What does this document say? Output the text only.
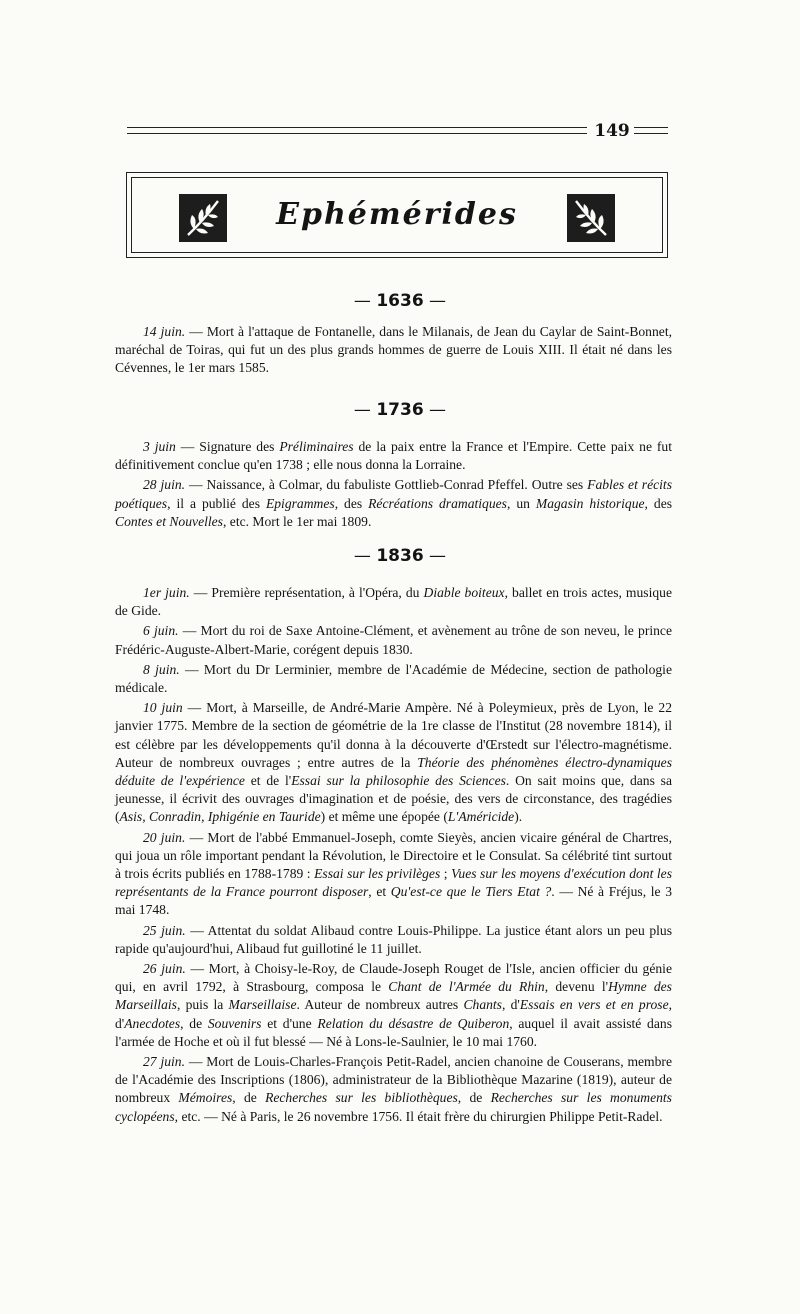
149
Ephémérides
— 1636 —

14 juin. — Mort à l'attaque de Fontanelle, dans le Milanais, de Jean du Caylar de Saint-Bonnet, maréchal de Toiras, qui fut un des plus grands hommes de guerre de Louis XIII. Il était né dans les Cévennes, le 1er mars 1585.

— 1736 —

3 juin — Signature des Préliminaires de la paix entre la France et l'Empire. Cette paix ne fut définitivement conclue qu'en 1738 ; elle nous donna la Lorraine.

28 juin. — Naissance, à Colmar, du fabuliste Gottlieb-Conrad Pfeffel. Outre ses Fables et récits poétiques, il a publié des Epigrammes, des Récréations dramatiques, un Magasin historique, des Contes et Nouvelles, etc. Mort le 1er mai 1809.

— 1836 —

1er juin. — Première représentation, à l'Opéra, du Diable boiteux, ballet en trois actes, musique de Gide.

6 juin. — Mort du roi de Saxe Antoine-Clément, et avènement au trône de son neveu, le prince Frédéric-Auguste-Albert-Marie, corégent depuis 1830.

8 juin. — Mort du Dr Lerminier, membre de l'Académie de Médecine, section de pathologie médicale.

10 juin — Mort, à Marseille, de André-Marie Ampère. Né à Poleymieux, près de Lyon, le 22 janvier 1775. Membre de la section de géométrie de la 1re classe de l'Institut (28 novembre 1814), il est célèbre par les développements qu'il donna à la découverte d'Œrstedt sur l'électro-magnétisme. Auteur de nombreux ouvrages ; entre autres de la Théorie des phénomènes électro-dynamiques déduite de l'expérience et de l'Essai sur la philosophie des Sciences. On sait moins que, dans sa jeunesse, il écrivit des ouvrages d'imagination et de poésie, des vers de circonstance, des tragédies (Asis, Conradin, Iphigénie en Tauride) et même une épopée (L'Américide).

20 juin. — Mort de l'abbé Emmanuel-Joseph, comte Sieyès, ancien vicaire général de Chartres, qui joua un rôle important pendant la Révolution, le Directoire et le Consulat. Sa célébrité tint surtout à trois écrits publiés en 1788-1789 : Essai sur les privilèges ; Vues sur les moyens d'exécution dont les représentants de la France pourront disposer, et Qu'est-ce que le Tiers Etat ?. — Né à Fréjus, le 3 mai 1748.

25 juin. — Attentat du soldat Alibaud contre Louis-Philippe. La justice étant alors un peu plus rapide qu'aujourd'hui, Alibaud fut guillotiné le 11 juillet.

26 juin. — Mort, à Choisy-le-Roy, de Claude-Joseph Rouget de l'Isle, ancien officier du génie qui, en avril 1792, à Strasbourg, composa le Chant de l'Armée du Rhin, devenu l'Hymne des Marseillais, puis la Marseillaise. Auteur de nombreux autres Chants, d'Essais en vers et en prose, d'Anecdotes, de Souvenirs et d'une Relation du désastre de Quiberon, auquel il avait assisté dans l'armée de Hoche et où il fut blessé — Né à Lons-le-Saulnier, le 10 mai 1760.

27 juin. — Mort de Louis-Charles-François Petit-Radel, ancien chanoine de Couserans, membre de l'Académie des Inscriptions (1806), administrateur de la Bibliothèque Mazarine (1819), auteur de nombreux Mémoires, de Recherches sur les bibliothèques, de Recherches sur les monuments cyclopéens, etc. — Né à Paris, le 26 novembre 1756. Il était frère du chirurgien Philippe Petit-Radel.
